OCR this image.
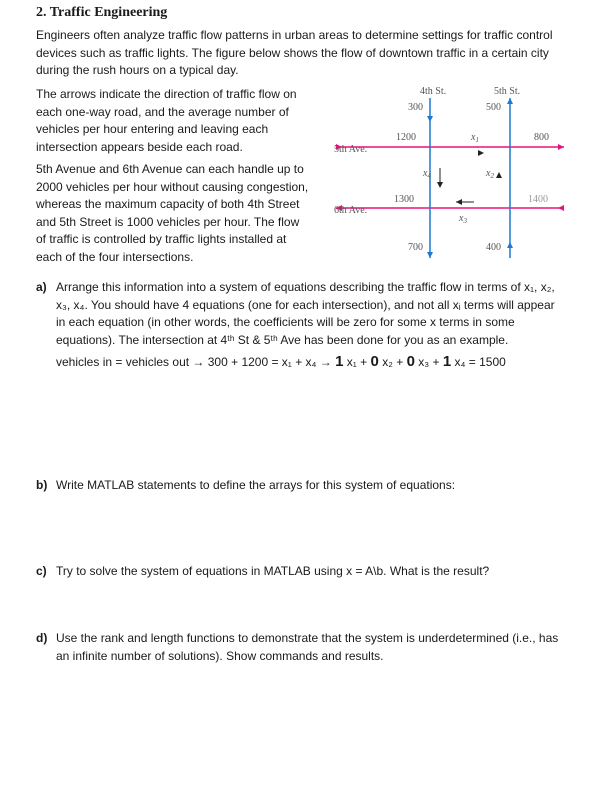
2. Traffic Engineering
Engineers often analyze traffic flow patterns in urban areas to determine settings for traffic control devices such as traffic lights. The figure below shows the flow of downtown traffic in a certain city during the rush hours on a typical day.
The arrows indicate the direction of traffic flow on each one-way road, and the average number of vehicles per hour entering and leaving each intersection appears beside each road.
5th Avenue and 6th Avenue can each handle up to 2000 vehicles per hour without causing congestion, whereas the maximum capacity of both 4th Street and 5th Street is 1000 vehicles per hour. The flow of traffic is controlled by traffic lights installed at each of the four intersections.
4th St.	5th St.
5th Ave.
6th Ave.
300	500
1200	800
1300	1400
700	400
$x_1$
$x_2$
$x_3$
$x_4$
a) Arrange this information into a system of equations describing the traffic flow in terms of x₁, x₂, x₃, x₄. You should have 4 equations (one for each intersection), and not all xᵢ terms will appear in each equation (in other words, the coefficients will be zero for some x terms in some equations). The intersection at 4ᵗʰ St & 5ᵗʰ Ave has been done for you as an example.
vehicles in = vehicles out → 300 + 1200 = x₁ + x₄ → 1 x₁ + 0 x₂ + 0 x₃ + 1 x₄ = 1500
b) Write MATLAB statements to define the arrays for this system of equations:
c) Try to solve the system of equations in MATLAB using x = A\b. What is the result?
d) Use the rank and length functions to demonstrate that the system is underdetermined (i.e., has an infinite number of solutions). Show commands and results.
